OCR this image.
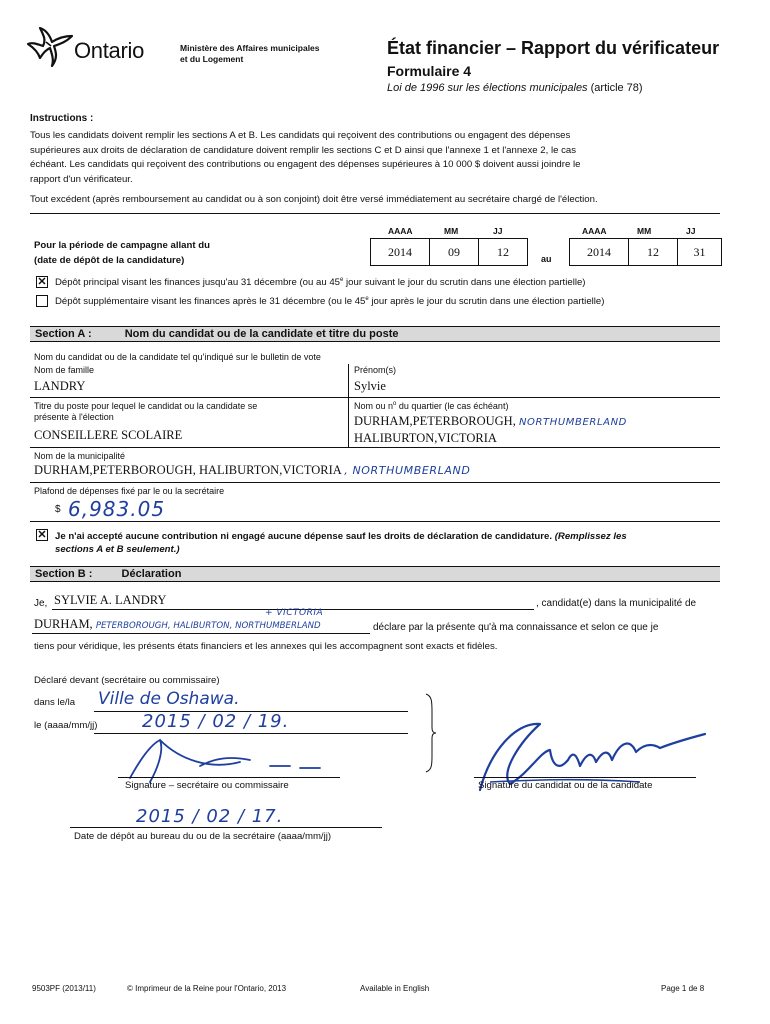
Ontario	Ministère des Affaires municipales
et du Logement
État financier – Rapport du vérificateur
Formulaire 4
Loi de 1996 sur les élections municipales (article 78)
Instructions :
Tous les candidats doivent remplir les sections A et B. Les candidats qui reçoivent des contributions ou engagent des dépenses
supérieures aux droits de déclaration de candidature doivent remplir les sections C et D ainsi que l'annexe 1 et l'annexe 2, le cas
échéant. Les candidats qui reçoivent des contributions ou engagent des dépenses supérieures à 10 000 $ doivent aussi joindre le
rapport d'un vérificateur.
Tout excédent (après remboursement au candidat ou à son conjoint) doit être versé immédiatement au secrétaire chargé de l'élection.
Pour la période de campagne allant du
(date de dépôt de la candidature)
AAAA	MM	JJ
2014	09	12	au
AAAA	MM	JJ
2014	12	31
✕ Dépôt principal visant les finances jusqu'au 31 décembre (ou au 45e jour suivant le jour du scrutin dans une élection partielle)
Dépôt supplémentaire visant les finances après le 31 décembre (ou le 45e jour après le jour du scrutin dans une élection partielle)
Section A :	Nom du candidat ou de la candidate et titre du poste
Nom du candidat ou de la candidate tel qu'indiqué sur le bulletin de vote
Nom de famille
LANDRY
Prénom(s)
Sylvie
Titre du poste pour lequel le candidat ou la candidate se
présente à l'élection
CONSEILLERE SCOLAIRE
Nom ou $n^o$ du quartier (le cas échéant)
DURHAM,PETERBOROUGH, NORTHUMBERLAND
HALIBURTON,VICTORIA
Nom de la municipalité
DURHAM,PETERBOROUGH, HALIBURTON,VICTORIA , NORTHUMBERLAND
Plafond de dépenses fixé par le ou la secrétaire
$ 6,983.05
✕ Je n'ai accepté aucune contribution ni engagé aucune dépense sauf les droits de déclaration de candidature. (Remplissez les
sections A et B seulement.)
Section B :	Déclaration
Je, SYLVIE A. LANDRY	, candidat(e) dans la municipalité de
+ VICTORIA
DURHAM, PETERBOROUGH, HALIBURTON, NORTHUMBERLAND	déclare par la présente qu'à ma connaissance et selon ce que je
tiens pour véridique, les présents états financiers et les annexes qui les accompagnent sont exacts et fidèles.
Déclaré devant (secrétaire ou commissaire)
dans le/la Ville de Oshawa.
le (aaaa/mm/jj) 2015 / 02 / 19.
Signature – secrétaire ou commissaire	Signature du candidat ou de la candidate
2015 / 02 / 17.
Date de dépôt au bureau du ou de la secrétaire (aaaa/mm/jj)
9503PF (2013/11)	© Imprimeur de la Reine pour l'Ontario, 2013	Available in English	Page 1 de 8
